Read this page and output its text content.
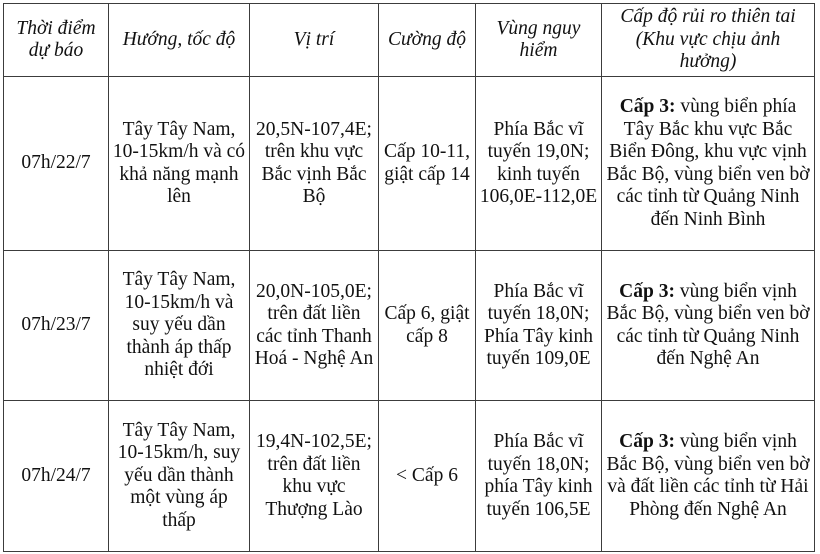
Thời điểm dự báo	Hướng, tốc độ	Vị trí	Cường độ	Vùng nguy hiểm	Cấp độ rủi ro thiên tai (Khu vực chịu ảnh hưởng)
07h/22/7	Tây Tây Nam, 10-15km/h và có khả năng mạnh lên	20,5N-107,4E; trên khu vực Bắc vịnh Bắc Bộ	Cấp 10-11, giật cấp 14	Phía Bắc vĩ tuyến 19,0N; kinh tuyến 106,0E-112,0E	Cấp 3: vùng biển phía Tây Bắc khu vực Bắc Biển Đông, khu vực vịnh Bắc Bộ, vùng biển ven bờ các tỉnh từ Quảng Ninh đến Ninh Bình
07h/23/7	Tây Tây Nam, 10-15km/h và suy yếu dần thành áp thấp nhiệt đới	20,0N-105,0E; trên đất liền các tỉnh Thanh Hoá - Nghệ An	Cấp 6, giật cấp 8	Phía Bắc vĩ tuyến 18,0N; Phía Tây kinh tuyến 109,0E	Cấp 3: vùng biển vịnh Bắc Bộ, vùng biển ven bờ các tỉnh từ Quảng Ninh đến Nghệ An
07h/24/7	Tây Tây Nam, 10-15km/h, suy yếu dần thành một vùng áp thấp	19,4N-102,5E; trên đất liền khu vực Thượng Lào	< Cấp 6	Phía Bắc vĩ tuyến 18,0N; phía Tây kinh tuyến 106,5E	Cấp 3: vùng biển vịnh Bắc Bộ, vùng biển ven bờ và đất liền các tỉnh từ Hải Phòng đến Nghệ An
